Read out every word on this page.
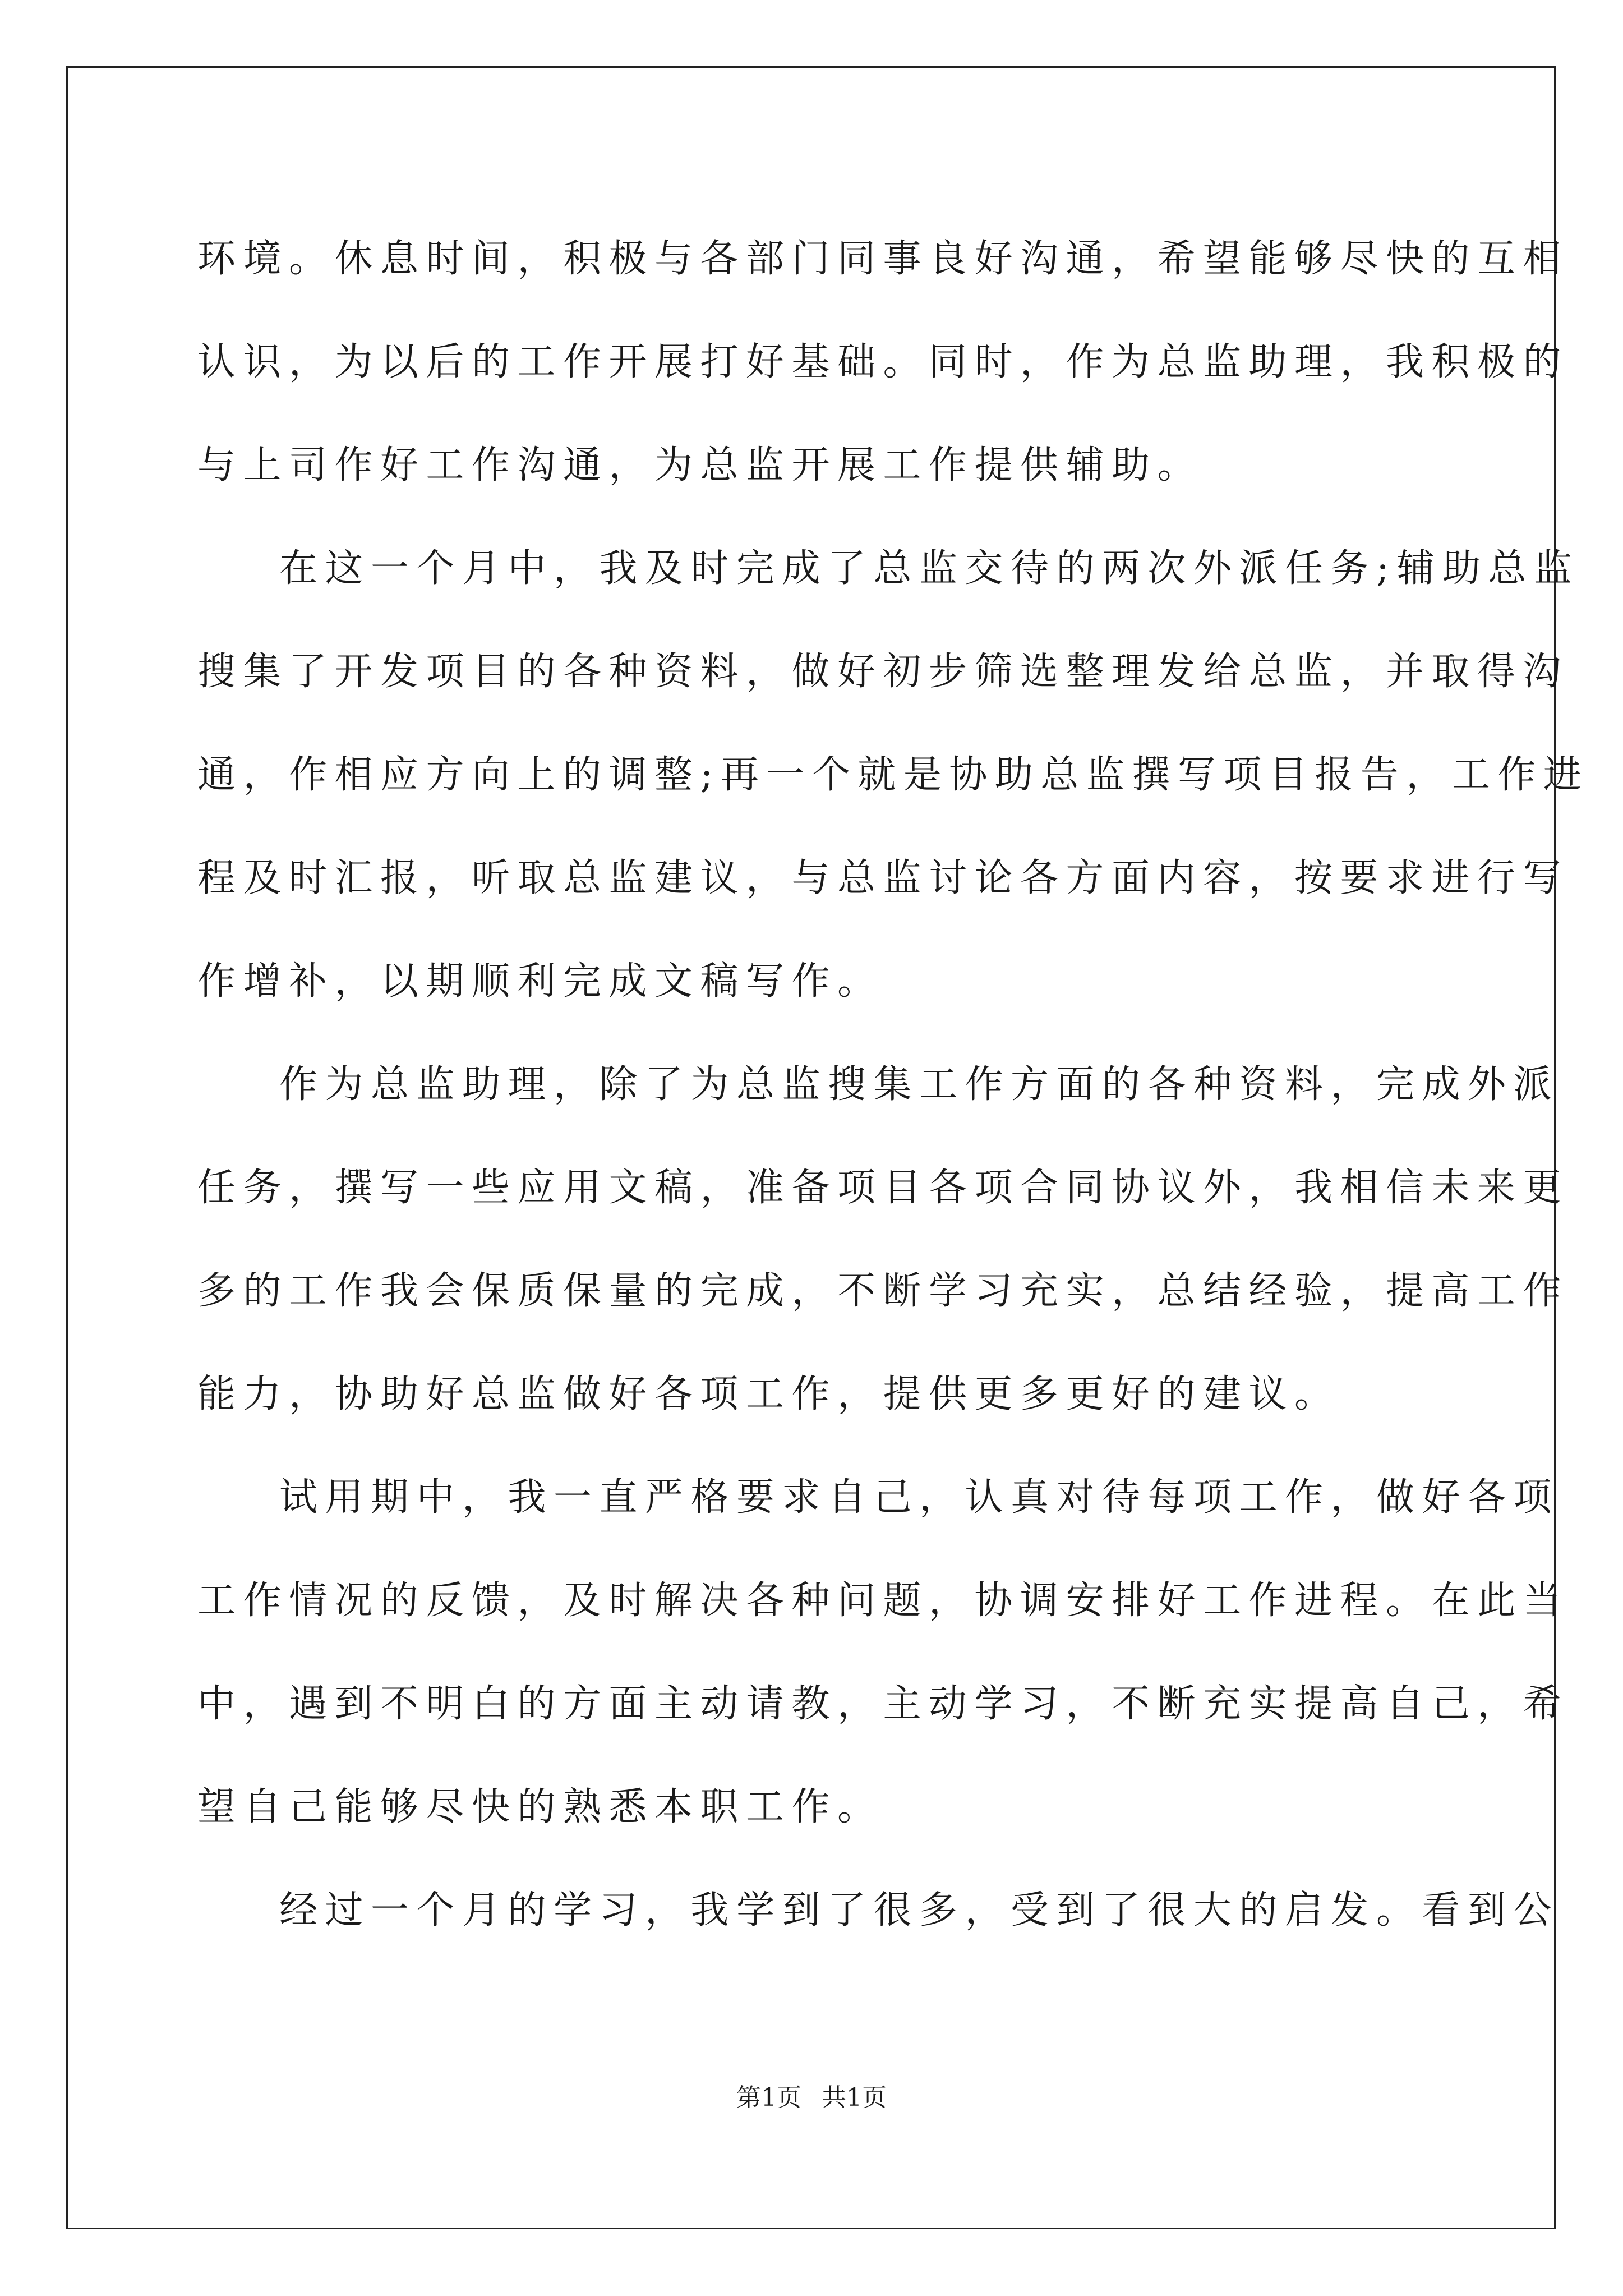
环境。休息时间，积极与各部门同事良好沟通，希望能够尽快的互相
认识，为以后的工作开展打好基础。同时，作为总监助理，我积极的
与上司作好工作沟通，为总监开展工作提供辅助。
在这一个月中，我及时完成了总监交待的两次外派任务;辅助总监
搜集了开发项目的各种资料，做好初步筛选整理发给总监，并取得沟
通，作相应方向上的调整;再一个就是协助总监撰写项目报告，工作进
程及时汇报，听取总监建议，与总监讨论各方面内容，按要求进行写
作增补，以期顺利完成文稿写作。
作为总监助理，除了为总监搜集工作方面的各种资料，完成外派
任务，撰写一些应用文稿，准备项目各项合同协议外，我相信未来更
多的工作我会保质保量的完成，不断学习充实，总结经验，提高工作
能力，协助好总监做好各项工作，提供更多更好的建议。
试用期中，我一直严格要求自己，认真对待每项工作，做好各项
工作情况的反馈，及时解决各种问题，协调安排好工作进程。在此当
中，遇到不明白的方面主动请教，主动学习，不断充实提高自己，希
望自己能够尽快的熟悉本职工作。
经过一个月的学习，我学到了很多，受到了很大的启发。看到公
第1页 共1页
